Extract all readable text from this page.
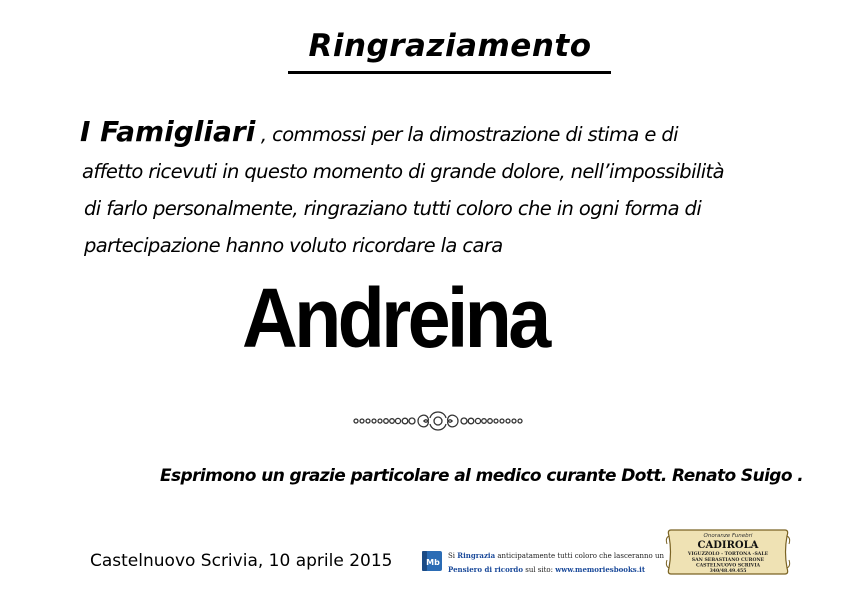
Ringraziamento
I Famigliari , commossi per la dimostrazione di stima e di
affetto ricevuti in questo momento di grande dolore, nell’impossibilità
di farlo personalmente, ringraziano tutti coloro che in ogni forma di
partecipazione hanno voluto ricordare la cara
Andreina
Esprimono un grazie particolare al medico curante Dott. Renato Suigo .
Castelnuovo Scrivia, 10 aprile 2015	Mb
Si Ringrazia anticipatamente tutti coloro che lasceranno un
Pensiero di ricordo sul sito: www.memoriesbooks.it
Onoranze Funebri
CADIROLA
VIGUZZOLO - TORTONA -SALE
SAN SEBASTIANO CURONE
CASTELNUOVO SCRIVIA
340/48.49.455
